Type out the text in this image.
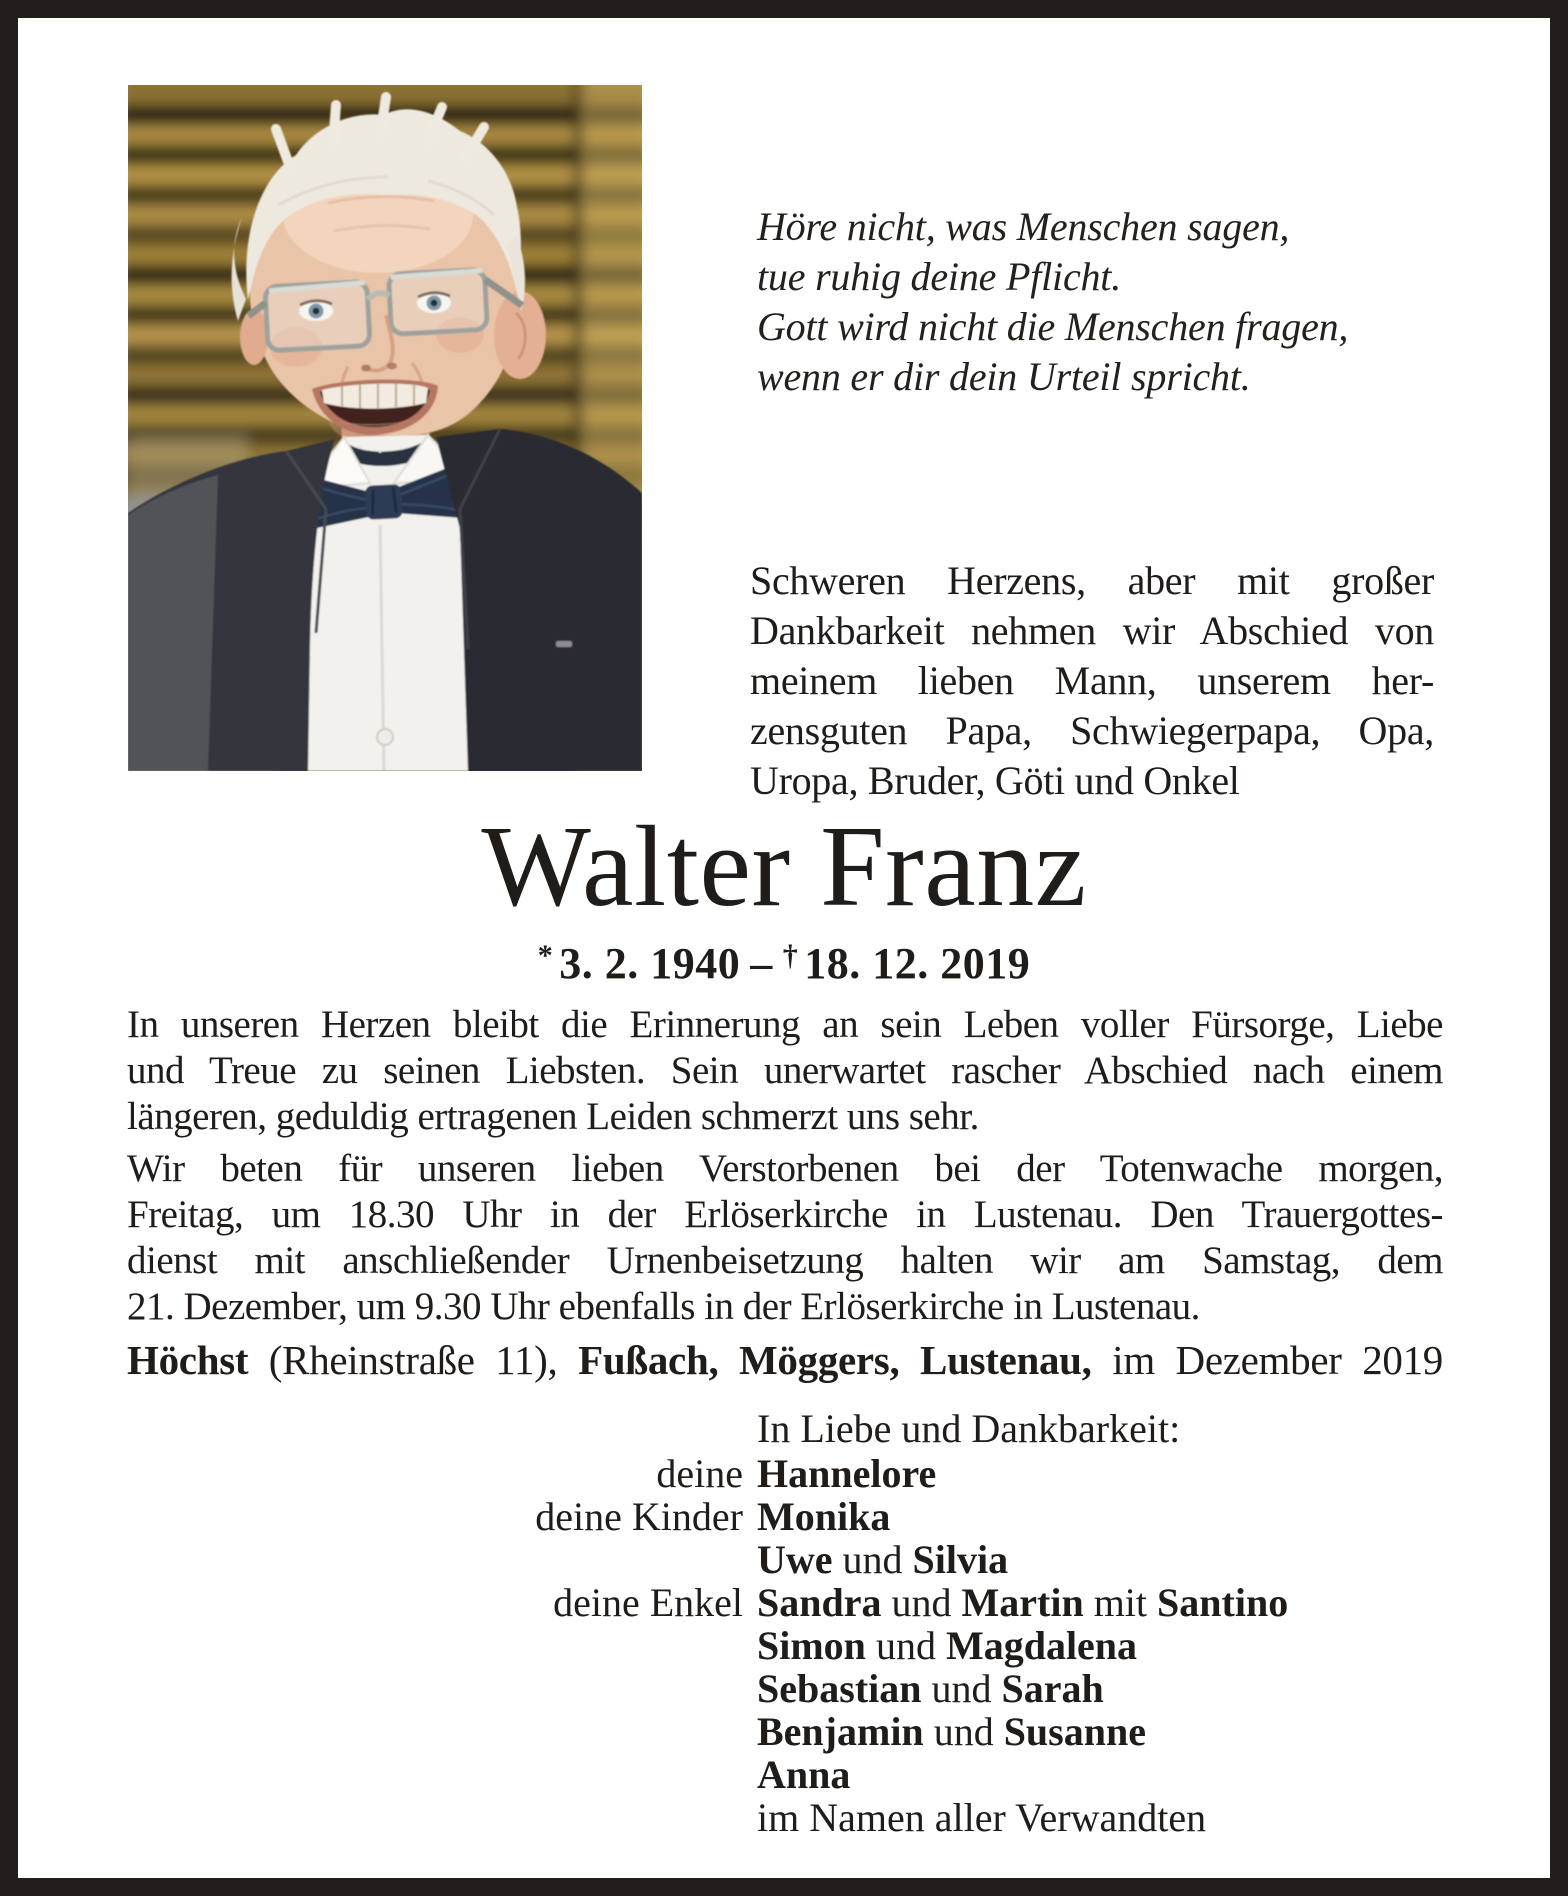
Höre nicht, was Menschen sagen,
tue ruhig deine Pflicht.
Gott wird nicht die Menschen fragen,
wenn er dir dein Urteil spricht.
Schweren Herzens, aber mit großer
Dankbarkeit nehmen wir Abschied von
meinem lieben Mann, unserem her-
zensguten Papa, Schwiegerpapa, Opa,
Uropa, Bruder, Göti und Onkel
Walter Franz
* 3. 2. 1940 – † 18. 12. 2019
In unseren Herzen bleibt die Erinnerung an sein Leben voller Fürsorge, Liebe
und Treue zu seinen Liebsten. Sein unerwartet rascher Abschied nach einem
längeren, geduldig ertragenen Leiden schmerzt uns sehr.
Wir beten für unseren lieben Verstorbenen bei der Totenwache morgen,
Freitag, um 18.30 Uhr in der Erlöserkirche in Lustenau. Den Trauergottes-
dienst mit anschließender Urnenbeisetzung halten wir am Samstag, dem
21. Dezember, um 9.30 Uhr ebenfalls in der Erlöserkirche in Lustenau.
Höchst (Rheinstraße 11), Fußach, Möggers, Lustenau, im Dezember 2019
In Liebe und Dankbarkeit:
deine Hannelore
deine Kinder Monika
Uwe und Silvia
deine Enkel Sandra und Martin mit Santino
Simon und Magdalena
Sebastian und Sarah
Benjamin und Susanne
Anna
im Namen aller Verwandten
